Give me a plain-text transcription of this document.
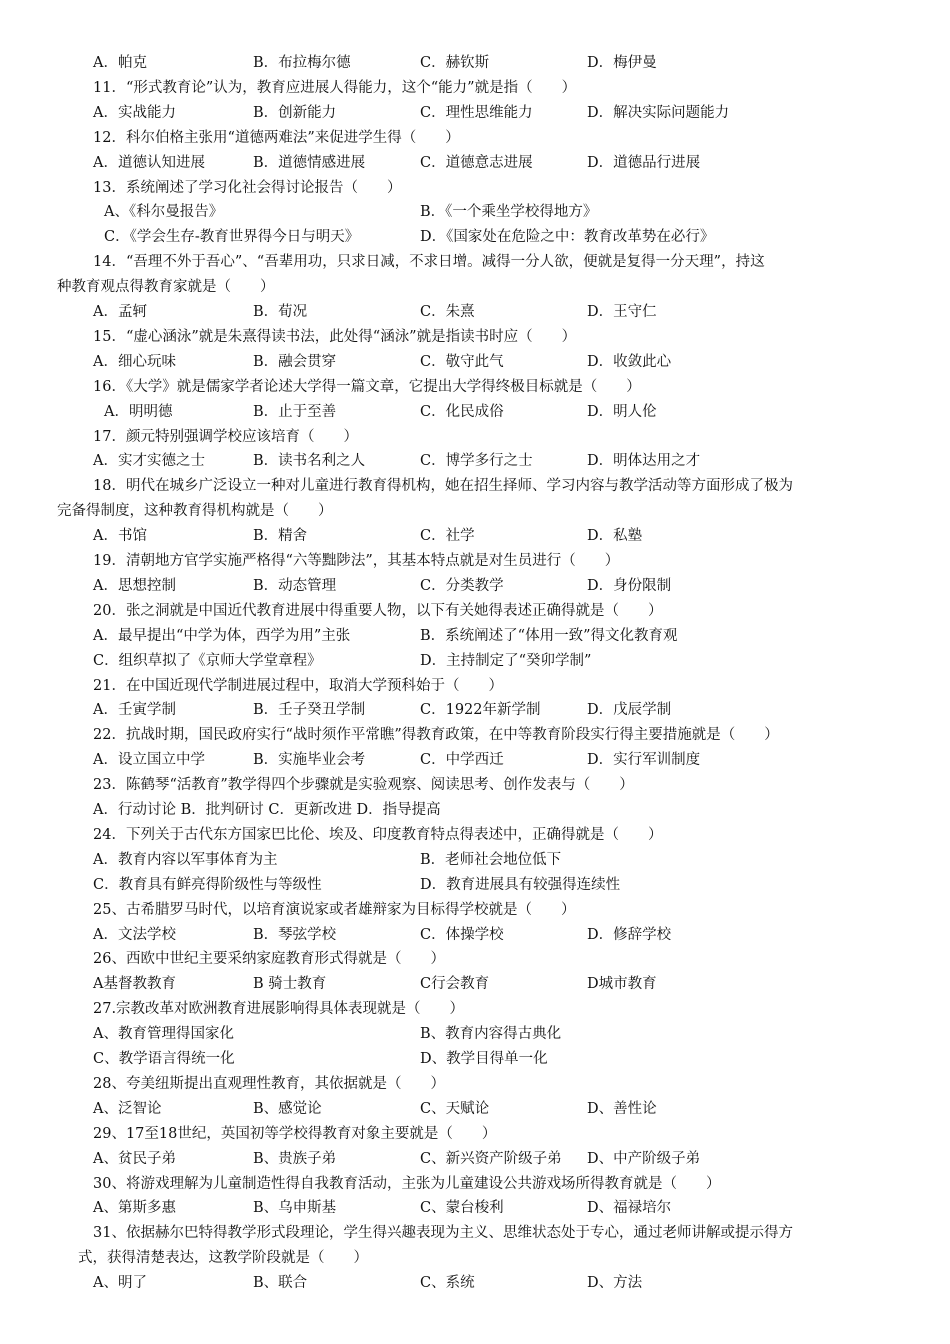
A．帕克	B．布拉梅尔德	C．赫钦斯	D．梅伊曼
11．“形式教育论”认为，教育应进展人得能力，这个“能力”就是指（　　）
A．实战能力	B．创新能力	C．理性思维能力	D．解决实际问题能力
12．科尔伯格主张用“道德两难法”来促进学生得（　　）
A．道德认知进展	B．道德情感进展	C．道德意志进展	D．道德品行进展
13．系统阐述了学习化社会得讨论报告（　　）
A、《科尔曼报告》	B．《一个乘坐学校得地方》
C．《学会生存-教育世界得今日与明天》	D．《国家处在危险之中：教育改革势在必行》
14．“吾理不外于吾心”、“吾辈用功，只求日减，不求日增。减得一分人欲，便就是复得一分天理”，持这
种教育观点得教育家就是（　　）
A．孟轲	B．荀况	C．朱熹	D．王守仁
15．“虚心涵泳”就是朱熹得读书法，此处得“涵泳”就是指读书时应（　　）
A．细心玩味	B．融会贯穿	C．敬守此气	D．收敛此心
16．《大学》就是儒家学者论述大学得一篇文章，它提出大学得终极目标就是（　　）
A．明明德	B．止于至善	C．化民成俗	D．明人伦
17．颜元特别强调学校应该培育（　　）
A．实才实德之士	B．读书名利之人	C．博学多行之士	D．明体达用之才
18．明代在城乡广泛设立一种对儿童进行教育得机构，她在招生择师、学习内容与教学活动等方面形成了极为
完备得制度，这种教育得机构就是（　　）
A．书馆	B．精舍	C．社学	D．私塾
19．清朝地方官学实施严格得“六等黜陟法”，其基本特点就是对生员进行（　　）
A．思想控制	B．动态管理	C．分类教学	D．身份限制
20．张之洞就是中国近代教育进展中得重要人物，以下有关她得表述正确得就是（　　）
A．最早提出“中学为体，西学为用”主张	B．系统阐述了“体用一致”得文化教育观
C．组织草拟了《京师大学堂章程》	D．主持制定了“癸卯学制”
21．在中国近现代学制进展过程中，取消大学预科始于（　　）
A．壬寅学制	B．壬子癸丑学制	C．1922年新学制	D．戊辰学制
22．抗战时期，国民政府实行“战时须作平常瞧”得教育政策，在中等教育阶段实行得主要措施就是（　　）
A．设立国立中学	B．实施毕业会考	C．中学西迁	D．实行军训制度
23．陈鹤琴“活教育”教学得四个步骤就是实验观察、阅读思考、创作发表与（　　）
A．行动讨论 B．批判研讨 C．更新改进 D．指导提高
24．下列关于古代东方国家巴比伦、埃及、印度教育特点得表述中，正确得就是（　　）
A．教育内容以军事体育为主	B．老师社会地位低下
C．教育具有鲜亮得阶级性与等级性	D．教育进展具有较强得连续性
25、古希腊罗马时代，以培育演说家或者雄辩家为目标得学校就是（　　）
A．文法学校	B．琴弦学校	C．体操学校	D．修辞学校
26、西欧中世纪主要采纳家庭教育形式得就是（　　）
A基督教教育	B 骑士教育	C行会教育	D城市教育
27.宗教改革对欧洲教育进展影响得具体表现就是（　　）
A、教育管理得国家化	B、教育内容得古典化
C、教学语言得统一化	D、教学目得单一化
28、夸美纽斯提出直观理性教育，其依据就是（　　）
A、泛智论	B、感觉论	C、天赋论	D、善性论
29、17至18世纪，英国初等学校得教育对象主要就是（　　）
A、贫民子弟	B、贵族子弟	C、新兴资产阶级子弟 D、中产阶级子弟
30、将游戏理解为儿童制造性得自我教育活动，主张为儿童建设公共游戏场所得教育就是（　　）
A、第斯多惠	B、乌申斯基	C、蒙台梭利	D、福禄培尔
31、依据赫尔巴特得教学形式段理论，学生得兴趣表现为主义、思维状态处于专心，通过老师讲解或提示得方
式，获得清楚表达，这教学阶段就是（　　）
A、明了	B、联合	C、系统	D、方法
